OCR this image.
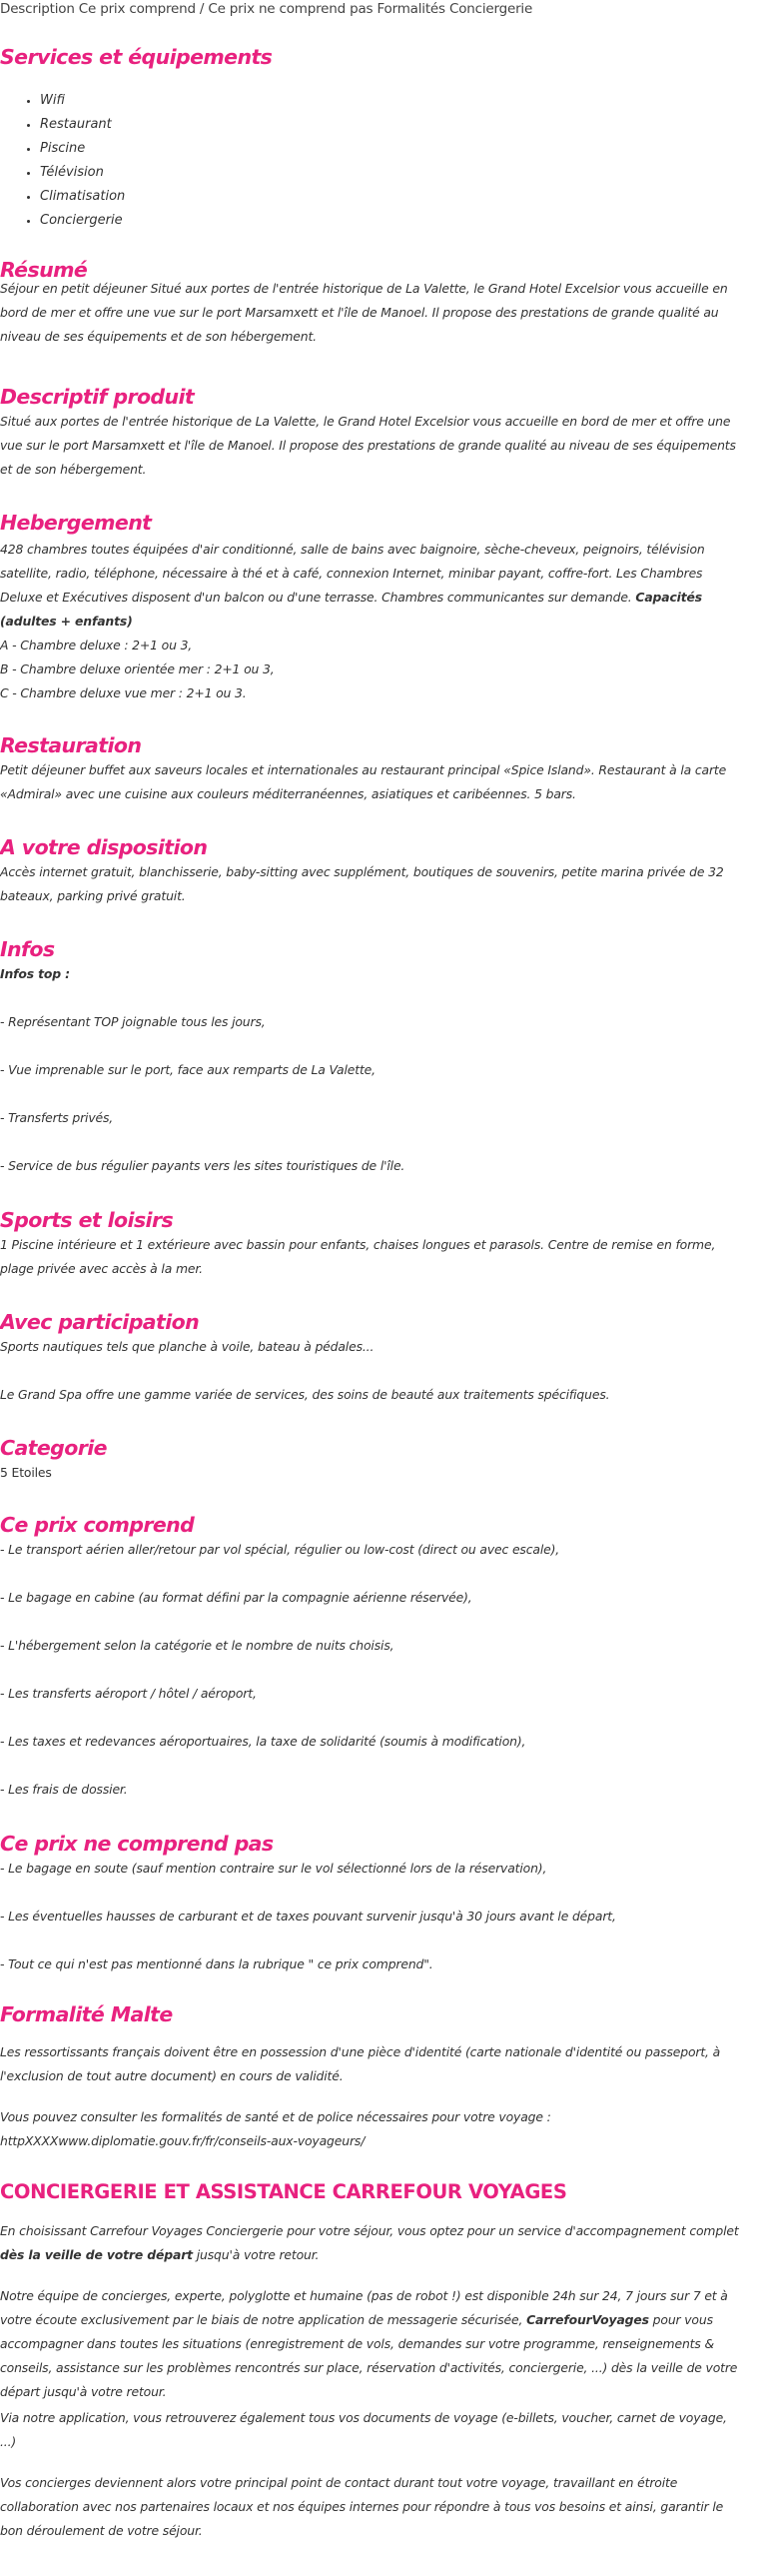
Description Ce prix comprend / Ce prix ne comprend pas Formalités Conciergerie
Services et équipements
• Wifi
• Restaurant
• Piscine
• Télévision
• Climatisation
• Conciergerie
Résumé
Séjour en petit déjeuner Situé aux portes de l'entrée historique de La Valette, le Grand Hotel Excelsior vous accueille en bord de mer et offre une vue sur le port Marsamxett et l'île de Manoel. Il propose des prestations de grande qualité au niveau de ses équipements et de son hébergement.
Descriptif produit
Situé aux portes de l'entrée historique de La Valette, le Grand Hotel Excelsior vous accueille en bord de mer et offre une vue sur le port Marsamxett et l'île de Manoel. Il propose des prestations de grande qualité au niveau de ses équipements et de son hébergement.
Hebergement
428 chambres toutes équipées d'air conditionné, salle de bains avec baignoire, sèche-cheveux, peignoirs, télévision satellite, radio, téléphone, nécessaire à thé et à café, connexion Internet, minibar payant, coffre-fort. Les Chambres Deluxe et Exécutives disposent d'un balcon ou d'une terrasse. Chambres communicantes sur demande. Capacités (adultes + enfants)
A - Chambre deluxe : 2+1 ou 3,
B - Chambre deluxe orientée mer : 2+1 ou 3,
C - Chambre deluxe vue mer : 2+1 ou 3.
Restauration
Petit déjeuner buffet aux saveurs locales et internationales au restaurant principal «Spice Island». Restaurant à la carte «Admiral» avec une cuisine aux couleurs méditerranéennes, asiatiques et caribéennes. 5 bars.
A votre disposition
Accès internet gratuit, blanchisserie, baby-sitting avec supplément, boutiques de souvenirs, petite marina privée de 32 bateaux, parking privé gratuit.
Infos
Infos top :
- Représentant TOP joignable tous les jours,
- Vue imprenable sur le port, face aux remparts de La Valette,
- Transferts privés,
- Service de bus régulier payants vers les sites touristiques de l'île.
Sports et loisirs
1 Piscine intérieure et 1 extérieure avec bassin pour enfants, chaises longues et parasols. Centre de remise en forme, plage privée avec accès à la mer.
Avec participation
Sports nautiques tels que planche à voile, bateau à pédales...
Le Grand Spa offre une gamme variée de services, des soins de beauté aux traitements spécifiques.
Categorie
5 Etoiles
Ce prix comprend
- Le transport aérien aller/retour par vol spécial, régulier ou low-cost (direct ou avec escale),
- Le bagage en cabine (au format défini par la compagnie aérienne réservée),
- L'hébergement selon la catégorie et le nombre de nuits choisis,
- Les transferts aéroport / hôtel / aéroport,
- Les taxes et redevances aéroportuaires, la taxe de solidarité (soumis à modification),
- Les frais de dossier.
Ce prix ne comprend pas
- Le bagage en soute (sauf mention contraire sur le vol sélectionné lors de la réservation),
- Les éventuelles hausses de carburant et de taxes pouvant survenir jusqu'à 30 jours avant le départ,
- Tout ce qui n'est pas mentionné dans la rubrique " ce prix comprend".
Formalité Malte
Les ressortissants français doivent être en possession d'une pièce d'identité (carte nationale d'identité ou passeport, à l'exclusion de tout autre document) en cours de validité.
Vous pouvez consulter les formalités de santé et de police nécessaires pour votre voyage :
httpXXXXwww.diplomatie.gouv.fr/fr/conseils-aux-voyageurs/
CONCIERGERIE ET ASSISTANCE CARREFOUR VOYAGES
En choisissant Carrefour Voyages Conciergerie pour votre séjour, vous optez pour un service d'accompagnement complet dès la veille de votre départ jusqu'à votre retour.
Notre équipe de concierges, experte, polyglotte et humaine (pas de robot !) est disponible 24h sur 24, 7 jours sur 7 et à votre écoute exclusivement par le biais de notre application de messagerie sécurisée, CarrefourVoyages pour vous accompagner dans toutes les situations (enregistrement de vols, demandes sur votre programme, renseignements & conseils, assistance sur les problèmes rencontrés sur place, réservation d'activités, conciergerie, ...) dès la veille de votre départ jusqu'à votre retour.
Via notre application, vous retrouverez également tous vos documents de voyage (e-billets, voucher, carnet de voyage, ...)
Vos concierges deviennent alors votre principal point de contact durant tout votre voyage, travaillant en étroite collaboration avec nos partenaires locaux et nos équipes internes pour répondre à tous vos besoins et ainsi, garantir le bon déroulement de votre séjour.
